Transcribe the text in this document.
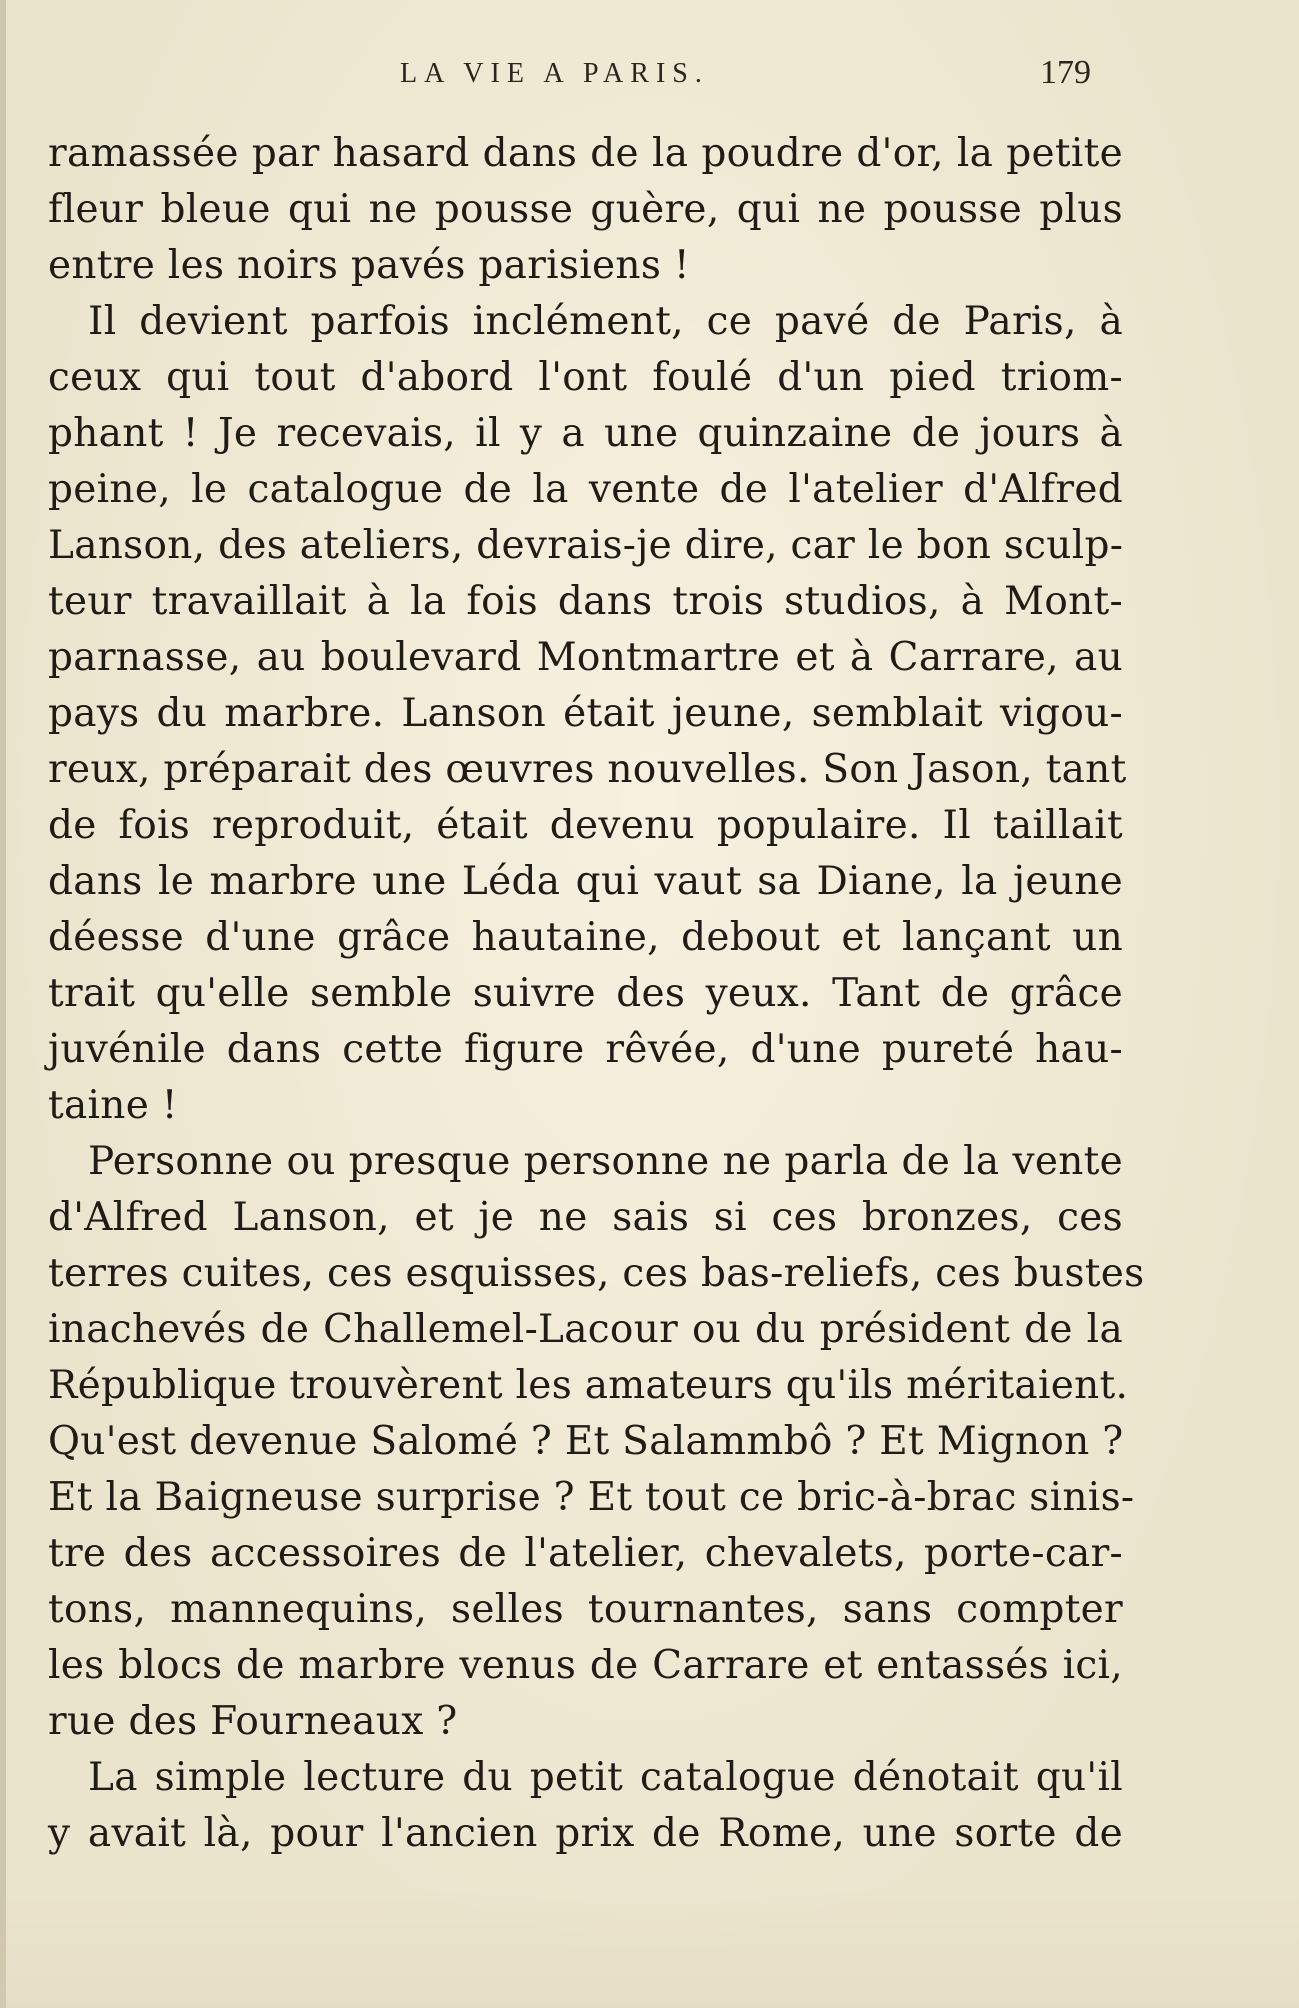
LA VIE A PARIS.	179
ramassée par hasard dans de la poudre d'or, la petite
fleur bleue qui ne pousse guère, qui ne pousse plus
entre les noirs pavés parisiens !
Il devient parfois inclément, ce pavé de Paris, à
ceux qui tout d'abord l'ont foulé d'un pied triom-
phant ! Je recevais, il y a une quinzaine de jours à
peine, le catalogue de la vente de l'atelier d'Alfred
Lanson, des ateliers, devrais-je dire, car le bon sculp-
teur travaillait à la fois dans trois studios, à Mont-
parnasse, au boulevard Montmartre et à Carrare, au
pays du marbre. Lanson était jeune, semblait vigou-
reux, préparait des œuvres nouvelles. Son Jason, tant
de fois reproduit, était devenu populaire. Il taillait
dans le marbre une Léda qui vaut sa Diane, la jeune
déesse d'une grâce hautaine, debout et lançant un
trait qu'elle semble suivre des yeux. Tant de grâce
juvénile dans cette figure rêvée, d'une pureté hau-
taine !
Personne ou presque personne ne parla de la vente
d'Alfred Lanson, et je ne sais si ces bronzes, ces
terres cuites, ces esquisses, ces bas-reliefs, ces bustes
inachevés de Challemel-Lacour ou du président de la
République trouvèrent les amateurs qu'ils méritaient.
Qu'est devenue Salomé ? Et Salammbô ? Et Mignon ?
Et la Baigneuse surprise ? Et tout ce bric-à-brac sinis-
tre des accessoires de l'atelier, chevalets, porte-car-
tons, mannequins, selles tournantes, sans compter
les blocs de marbre venus de Carrare et entassés ici,
rue des Fourneaux ?
La simple lecture du petit catalogue dénotait qu'il
y avait là, pour l'ancien prix de Rome, une sorte de
